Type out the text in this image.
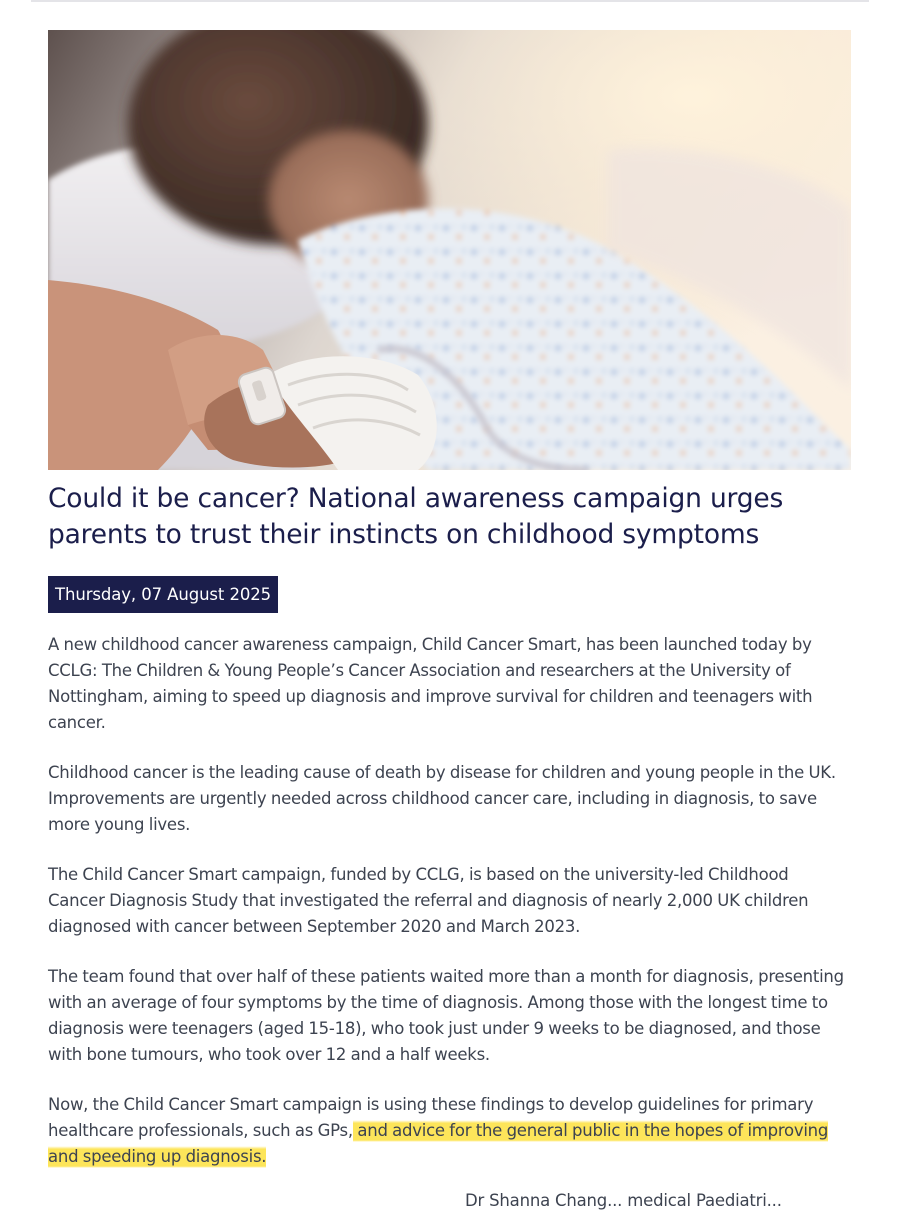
Could it be cancer? National awareness campaign urges parents to trust their instincts on childhood symptoms
Thursday, 07 August 2025

A new childhood cancer awareness campaign, Child Cancer Smart, has been launched today by CCLG: The Children & Young People’s Cancer Association and researchers at the University of Nottingham, aiming to speed up diagnosis and improve survival for children and teenagers with cancer.

Childhood cancer is the leading cause of death by disease for children and young people in the UK. Improvements are urgently needed across childhood cancer care, including in diagnosis, to save more young lives.

The Child Cancer Smart campaign, funded by CCLG, is based on the university-led Childhood Cancer Diagnosis Study that investigated the referral and diagnosis of nearly 2,000 UK children diagnosed with cancer between September 2020 and March 2023.

The team found that over half of these patients waited more than a month for diagnosis, presenting with an average of four symptoms by the time of diagnosis. Among those with the longest time to diagnosis were teenagers (aged 15-18), who took just under 9 weeks to be diagnosed, and those with bone tumours, who took over 12 and a half weeks.

Now, the Child Cancer Smart campaign is using these findings to develop guidelines for primary healthcare professionals, such as GPs, and advice for the general public in the hopes of improving and speeding up diagnosis.

Dr Shanna Chang... medical Paediatri...
